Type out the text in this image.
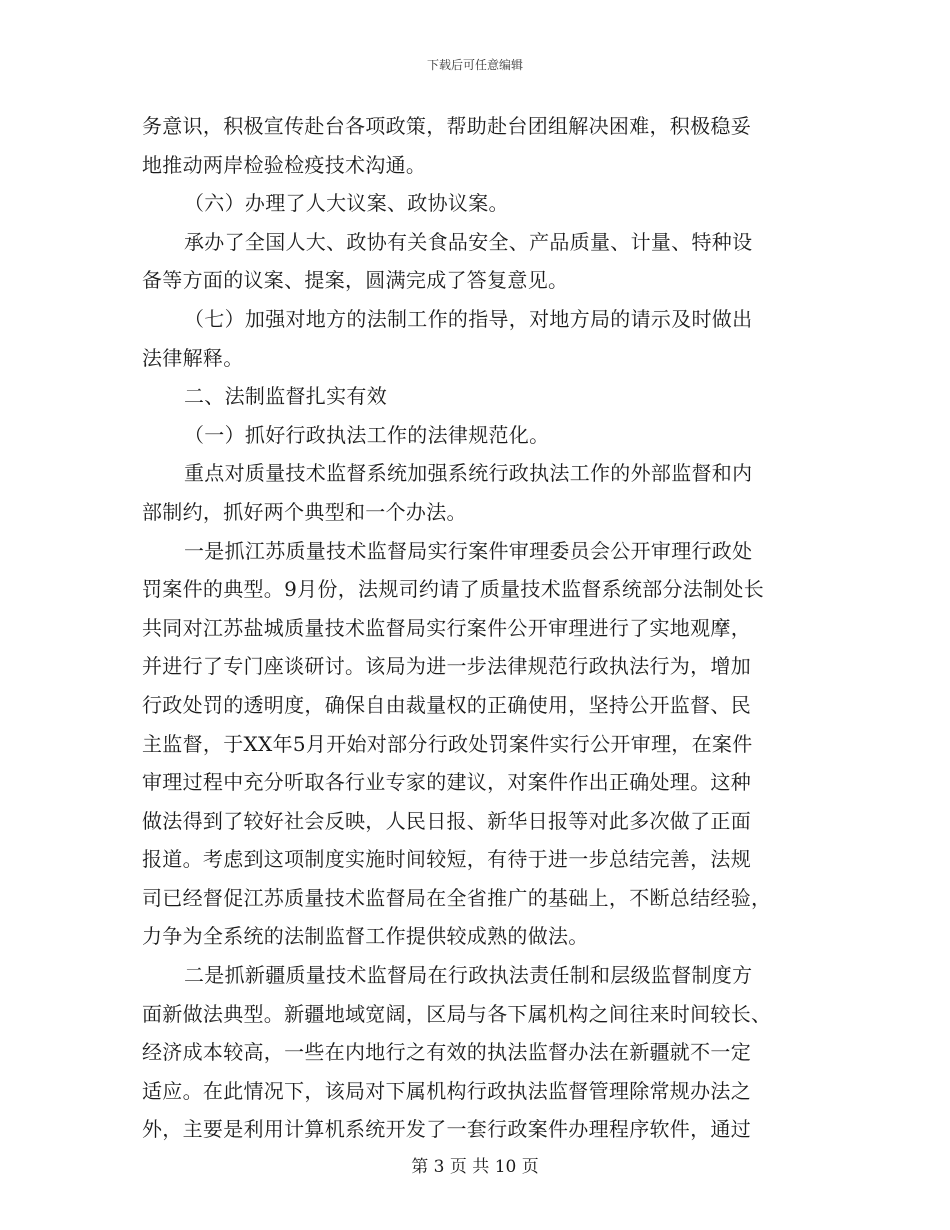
下载后可任意编辑
务意识，积极宣传赴台各项政策，帮助赴台团组解决困难，积极稳妥
地推动两岸检验检疫技术沟通。
（六）办理了人大议案、政协议案。
承办了全国人大、政协有关食品安全、产品质量、计量、特种设
备等方面的议案、提案，圆满完成了答复意见。
（七）加强对地方的法制工作的指导，对地方局的请示及时做出
法律解释。
二、法制监督扎实有效
（一）抓好行政执法工作的法律规范化。
重点对质量技术监督系统加强系统行政执法工作的外部监督和内
部制约，抓好两个典型和一个办法。
一是抓江苏质量技术监督局实行案件审理委员会公开审理行政处
罚案件的典型。9月份，法规司约请了质量技术监督系统部分法制处长
共同对江苏盐城质量技术监督局实行案件公开审理进行了实地观摩，
并进行了专门座谈研讨。该局为进一步法律规范行政执法行为，增加
行政处罚的透明度，确保自由裁量权的正确使用，坚持公开监督、民
主监督，于XX年5月开始对部分行政处罚案件实行公开审理，在案件
审理过程中充分听取各行业专家的建议，对案件作出正确处理。这种
做法得到了较好社会反映，人民日报、新华日报等对此多次做了正面
报道。考虑到这项制度实施时间较短，有待于进一步总结完善，法规
司已经督促江苏质量技术监督局在全省推广的基础上，不断总结经验，
力争为全系统的法制监督工作提供较成熟的做法。
二是抓新疆质量技术监督局在行政执法责任制和层级监督制度方
面新做法典型。新疆地域宽阔，区局与各下属机构之间往来时间较长、
经济成本较高，一些在内地行之有效的执法监督办法在新疆就不一定
适应。在此情况下，该局对下属机构行政执法监督管理除常规办法之
外，主要是利用计算机系统开发了一套行政案件办理程序软件，通过
第 3 页 共 10 页
